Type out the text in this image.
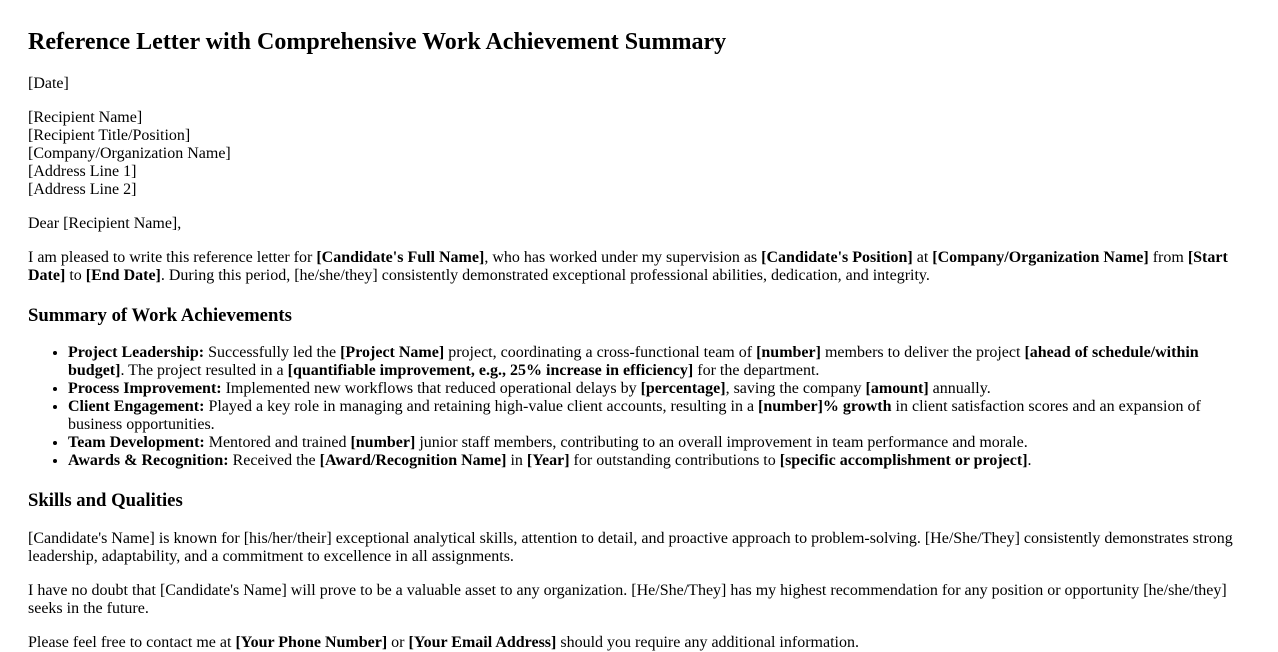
Reference Letter with Comprehensive Work Achievement Summary
[Date]
[Recipient Name]
[Recipient Title/Position]
[Company/Organization Name]
[Address Line 1]
[Address Line 2]
Dear [Recipient Name],
I am pleased to write this reference letter for [Candidate's Full Name], who has worked under my supervision as [Candidate's Position] at [Company/Organization Name] from [Start Date] to [End Date]. During this period, [he/she/they] consistently demonstrated exceptional professional abilities, dedication, and integrity.
Summary of Work Achievements
• Project Leadership: Successfully led the [Project Name] project, coordinating a cross-functional team of [number] members to deliver the project [ahead of schedule/within budget]. The project resulted in a [quantifiable improvement, e.g., 25% increase in efficiency] for the department.
• Process Improvement: Implemented new workflows that reduced operational delays by [percentage], saving the company [amount] annually.
• Client Engagement: Played a key role in managing and retaining high-value client accounts, resulting in a [number]% growth in client satisfaction scores and an expansion of business opportunities.
• Team Development: Mentored and trained [number] junior staff members, contributing to an overall improvement in team performance and morale.
• Awards & Recognition: Received the [Award/Recognition Name] in [Year] for outstanding contributions to [specific accomplishment or project].
Skills and Qualities
[Candidate's Name] is known for [his/her/their] exceptional analytical skills, attention to detail, and proactive approach to problem-solving. [He/She/They] consistently demonstrates strong leadership, adaptability, and a commitment to excellence in all assignments.
I have no doubt that [Candidate's Name] will prove to be a valuable asset to any organization. [He/She/They] has my highest recommendation for any position or opportunity [he/she/they] seeks in the future.
Please feel free to contact me at [Your Phone Number] or [Your Email Address] should you require any additional information.
